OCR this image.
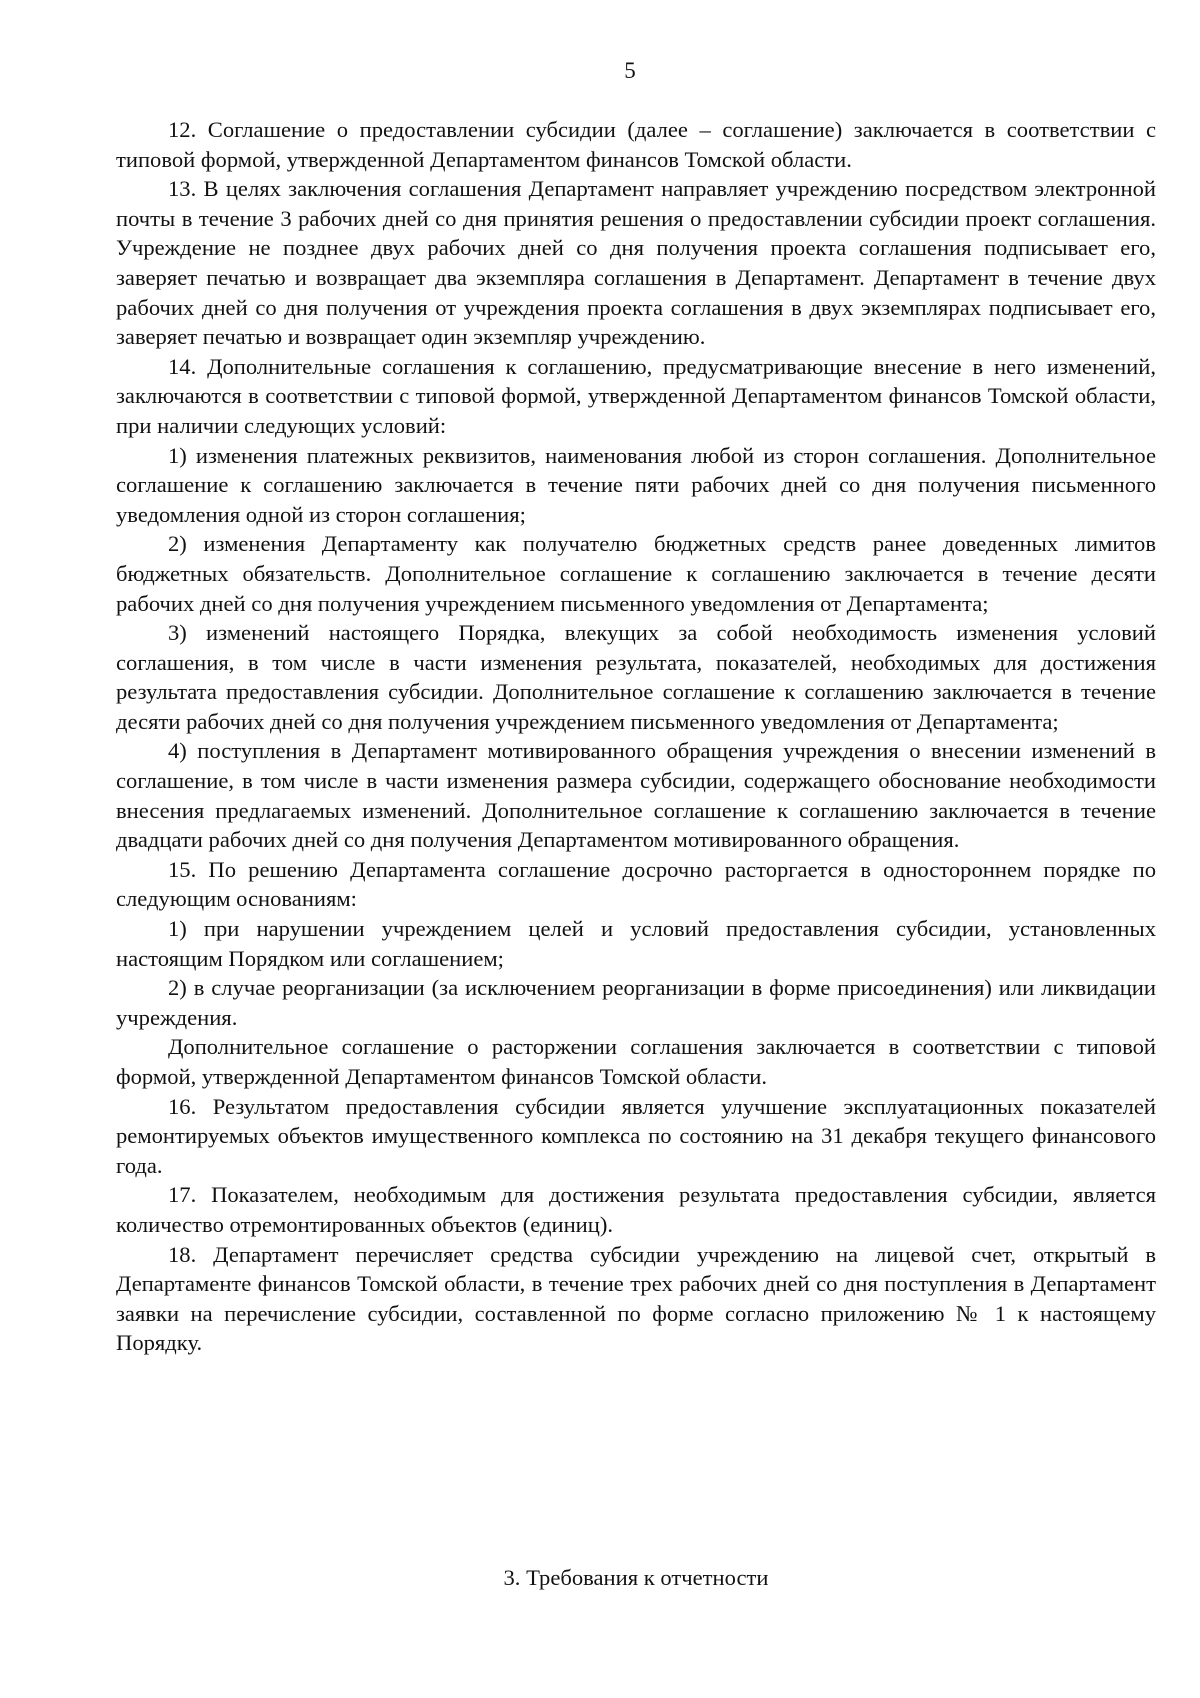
5

12. Соглашение о предоставлении субсидии (далее – соглашение) заключается в соответствии с типовой формой, утвержденной Департаментом финансов Томской области.

13. В целях заключения соглашения Департамент направляет учреждению посредством электронной почты в течение 3 рабочих дней со дня принятия решения о предоставлении субсидии проект соглашения. Учреждение не позднее двух рабочих дней со дня получения проекта соглашения подписывает его, заверяет печатью и возвращает два экземпляра соглашения в Департамент. Департамент в течение двух рабочих дней со дня получения от учреждения проекта соглашения в двух экземплярах подписывает его, заверяет печатью и возвращает один экземпляр учреждению.

14. Дополнительные соглашения к соглашению, предусматривающие внесение в него изменений, заключаются в соответствии с типовой формой, утвержденной Департаментом финансов Томской области, при наличии следующих условий:

1) изменения платежных реквизитов, наименования любой из сторон соглашения. Дополнительное соглашение к соглашению заключается в течение пяти рабочих дней со дня получения письменного уведомления одной из сторон соглашения;

2) изменения Департаменту как получателю бюджетных средств ранее доведенных лимитов бюджетных обязательств. Дополнительное соглашение к соглашению заключается в течение десяти рабочих дней со дня получения учреждением письменного уведомления от Департамента;

3) изменений настоящего Порядка, влекущих за собой необходимость изменения условий соглашения, в том числе в части изменения результата, показателей, необходимых для достижения результата предоставления субсидии. Дополнительное соглашение к соглашению заключается в течение десяти рабочих дней со дня получения учреждением письменного уведомления от Департамента;

4) поступления в Департамент мотивированного обращения учреждения о внесении изменений в соглашение, в том числе в части изменения размера субсидии, содержащего обоснование необходимости внесения предлагаемых изменений. Дополнительное соглашение к соглашению заключается в течение двадцати рабочих дней со дня получения Департаментом мотивированного обращения.

15. По решению Департамента соглашение досрочно расторгается в одностороннем порядке по следующим основаниям:

1) при нарушении учреждением целей и условий предоставления субсидии, установленных настоящим Порядком или соглашением;

2) в случае реорганизации (за исключением реорганизации в форме присоединения) или ликвидации учреждения.

Дополнительное соглашение о расторжении соглашения заключается в соответствии с типовой формой, утвержденной Департаментом финансов Томской области.

16. Результатом предоставления субсидии является улучшение эксплуатационных показателей ремонтируемых объектов имущественного комплекса по состоянию на 31 декабря текущего финансового года.

17. Показателем, необходимым для достижения результата предоставления субсидии, является количество отремонтированных объектов (единиц).

18. Департамент перечисляет средства субсидии учреждению на лицевой счет, открытый в Департаменте финансов Томской области, в течение трех рабочих дней со дня поступления в Департамент заявки на перечисление субсидии, составленной по форме согласно приложению № 1 к настоящему Порядку.

3. Требования к отчетности
